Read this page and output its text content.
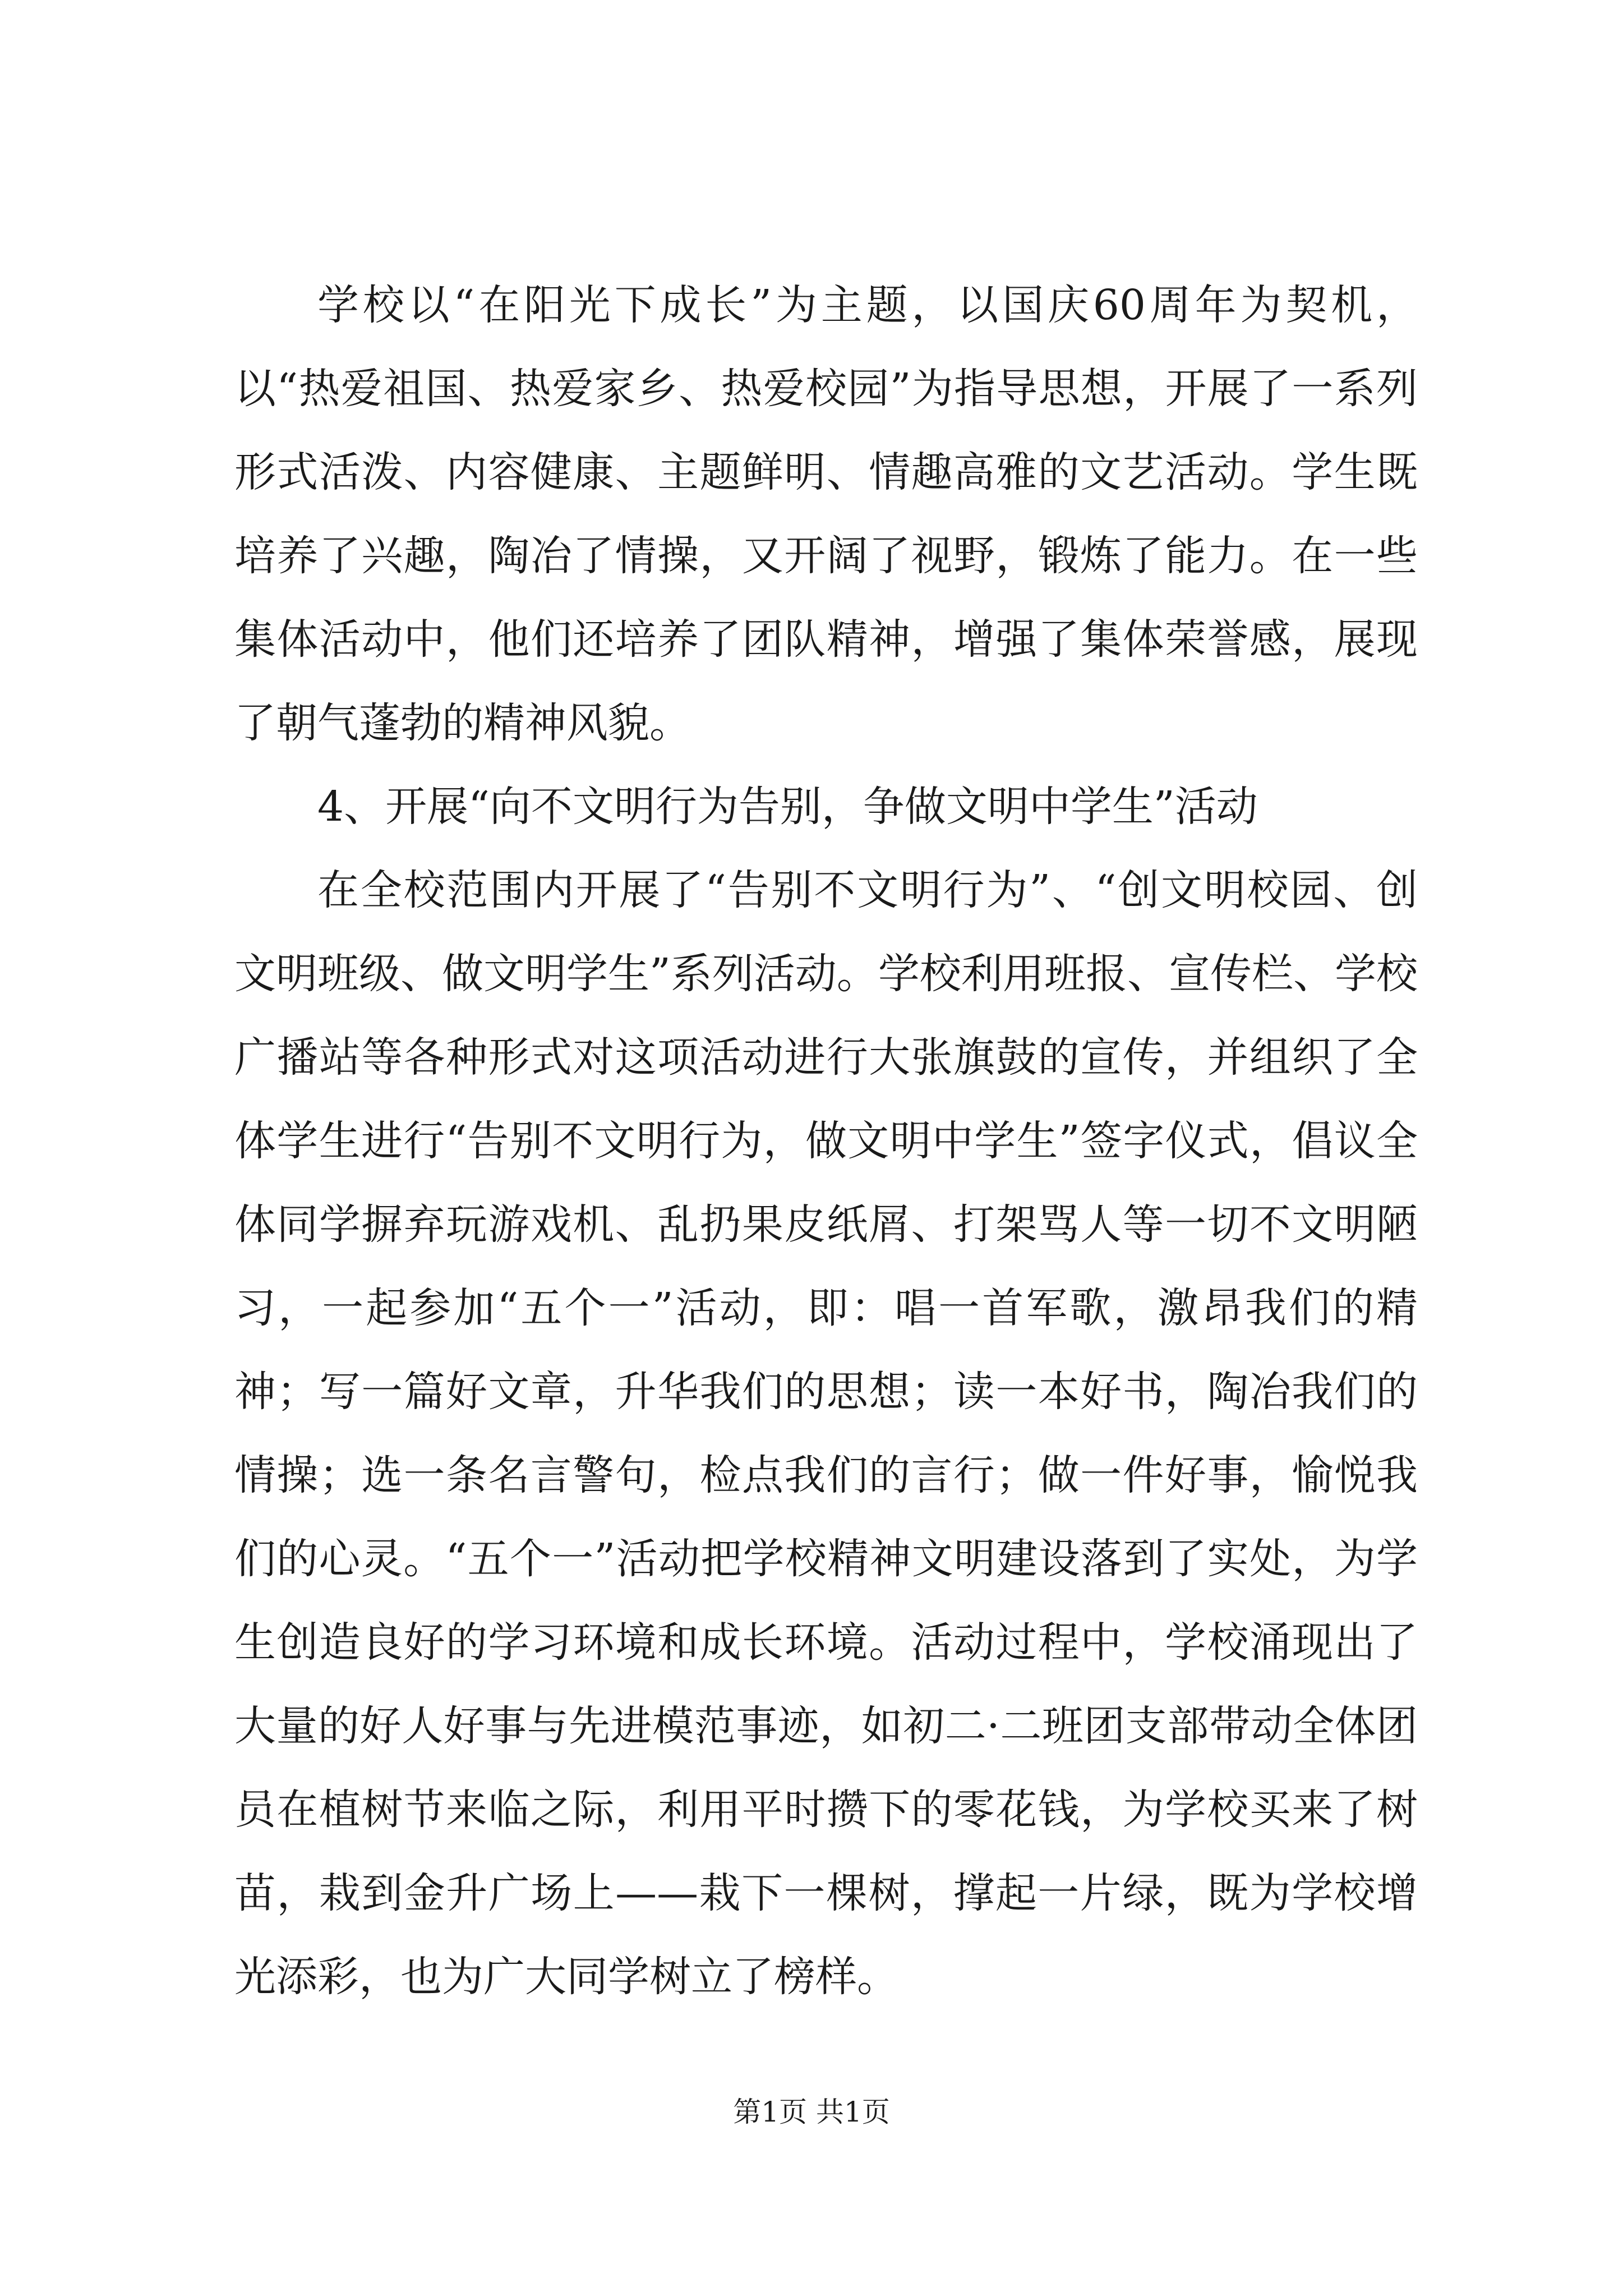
学校以“在阳光下成长”为主题，以国庆60周年为契机，以“热爱祖国、热爱家乡、热爱校园”为指导思想，开展了一系列形式活泼、内容健康、主题鲜明、情趣高雅的文艺活动。学生既培养了兴趣，陶冶了情操，又开阔了视野，锻炼了能力。在一些集体活动中，他们还培养了团队精神，增强了集体荣誉感，展现了朝气蓬勃的精神风貌。

4、开展“向不文明行为告别，争做文明中学生”活动

在全校范围内开展了“告别不文明行为”、“创文明校园、创文明班级、做文明学生”系列活动。学校利用班报、宣传栏、学校广播站等各种形式对这项活动进行大张旗鼓的宣传，并组织了全体学生进行“告别不文明行为，做文明中学生”签字仪式，倡议全体同学摒弃玩游戏机、乱扔果皮纸屑、打架骂人等一切不文明陋习，一起参加“五个一”活动，即：唱一首军歌，激昂我们的精神；写一篇好文章，升华我们的思想；读一本好书，陶冶我们的情操；选一条名言警句，检点我们的言行；做一件好事，愉悦我们的心灵。“五个一”活动把学校精神文明建设落到了实处，为学生创造良好的学习环境和成长环境。活动过程中，学校涌现出了大量的好人好事与先进模范事迹，如初二·二班团支部带动全体团员在植树节来临之际，利用平时攒下的零花钱，为学校买来了树苗，栽到金升广场上——栽下一棵树，撑起一片绿，既为学校增光添彩，也为广大同学树立了榜样。

第1页 共1页
